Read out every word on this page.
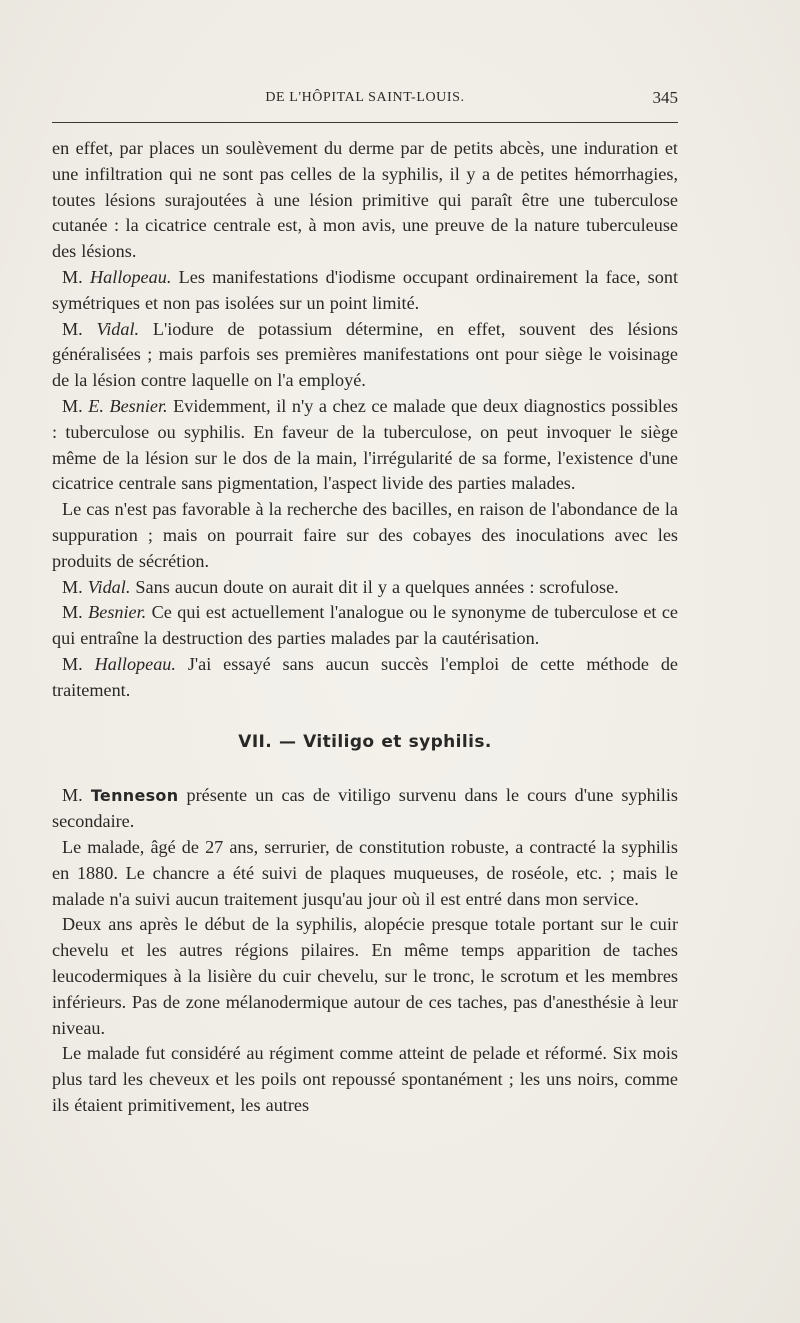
DE L'HÔPITAL SAINT-LOUIS.	345

en effet, par places un soulèvement du derme par de petits abcès, une induration et une infiltration qui ne sont pas celles de la syphilis, il y a de petites hémorrhagies, toutes lésions surajoutées à une lésion primitive qui paraît être une tuberculose cutanée : la cicatrice centrale est, à mon avis, une preuve de la nature tuberculeuse des lésions.

M. Hallopeau. Les manifestations d'iodisme occupant ordinairement la face, sont symétriques et non pas isolées sur un point limité.

M. Vidal. L'iodure de potassium détermine, en effet, souvent des lésions généralisées ; mais parfois ses premières manifestations ont pour siège le voisinage de la lésion contre laquelle on l'a employé.

M. E. Besnier. Evidemment, il n'y a chez ce malade que deux diagnostics possibles : tuberculose ou syphilis. En faveur de la tuberculose, on peut invoquer le siège même de la lésion sur le dos de la main, l'irrégularité de sa forme, l'existence d'une cicatrice centrale sans pigmentation, l'aspect livide des parties malades.

Le cas n'est pas favorable à la recherche des bacilles, en raison de l'abondance de la suppuration ; mais on pourrait faire sur des cobayes des inoculations avec les produits de sécrétion.

M. Vidal. Sans aucun doute on aurait dit il y a quelques années : scrofulose.

M. Besnier. Ce qui est actuellement l'analogue ou le synonyme de tuberculose et ce qui entraîne la destruction des parties malades par la cautérisation.

M. Hallopeau. J'ai essayé sans aucun succès l'emploi de cette méthode de traitement.

VII. — Vitiligo et syphilis.

M. Tenneson présente un cas de vitiligo survenu dans le cours d'une syphilis secondaire.

Le malade, âgé de 27 ans, serrurier, de constitution robuste, a contracté la syphilis en 1880. Le chancre a été suivi de plaques muqueuses, de roséole, etc. ; mais le malade n'a suivi aucun traitement jusqu'au jour où il est entré dans mon service.

Deux ans après le début de la syphilis, alopécie presque totale portant sur le cuir chevelu et les autres régions pilaires. En même temps apparition de taches leucodermiques à la lisière du cuir chevelu, sur le tronc, le scrotum et les membres inférieurs. Pas de zone mélanodermique autour de ces taches, pas d'anesthésie à leur niveau.

Le malade fut considéré au régiment comme atteint de pelade et réformé. Six mois plus tard les cheveux et les poils ont repoussé spontanément ; les uns noirs, comme ils étaient primitivement, les autres
